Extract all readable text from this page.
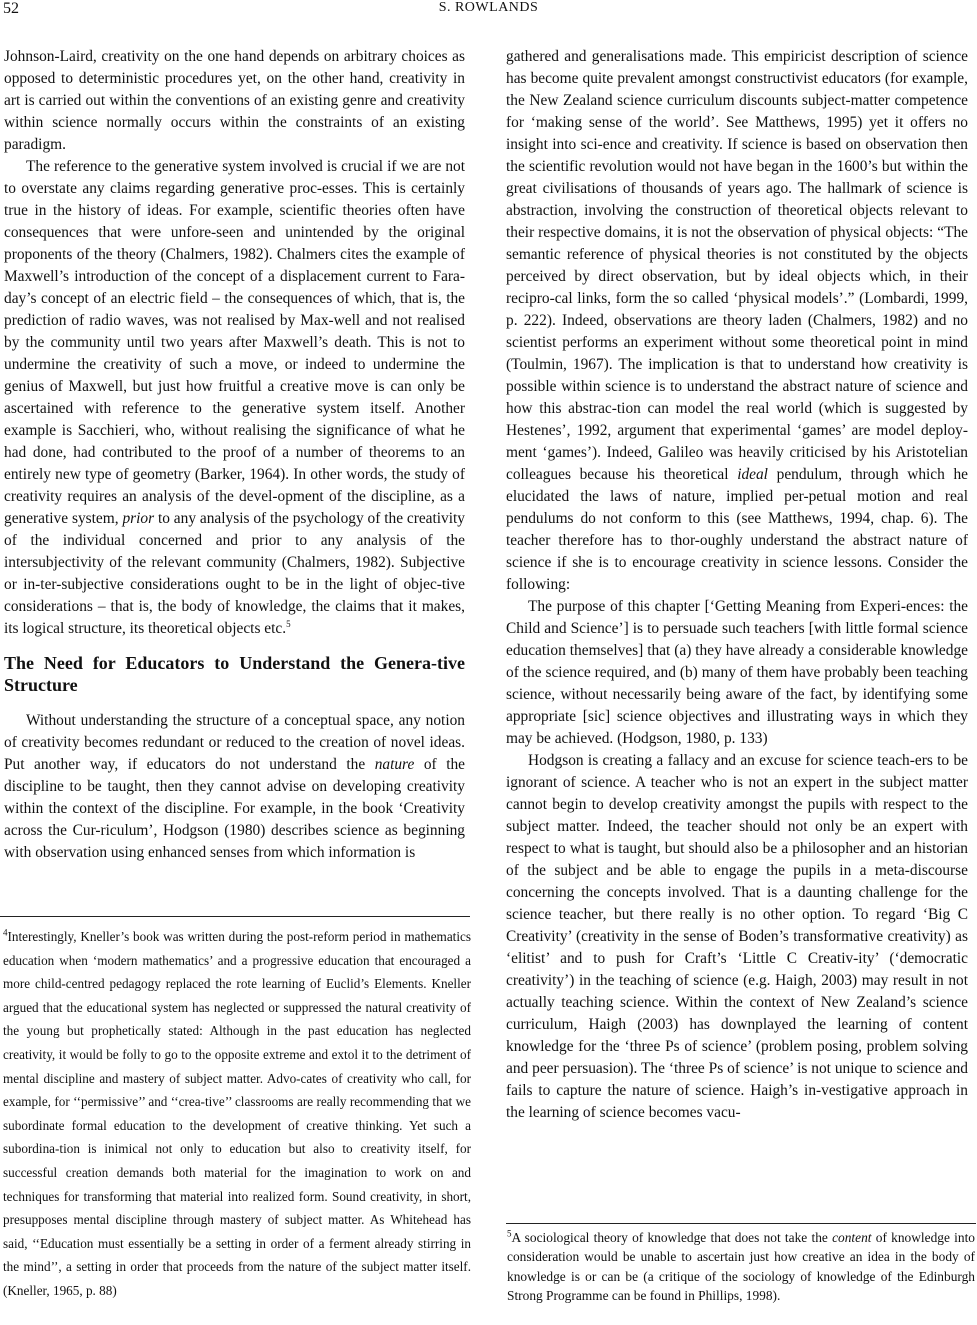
52	S. ROWLANDS

Johnson-Laird, creativity on the one hand depends on arbitrary choices as opposed to deterministic procedures yet, on the other hand, creativity in art is carried out within the conventions of an existing genre and creativity within science normally occurs within the constraints of an existing paradigm.

The reference to the generative system involved is crucial if we are not to overstate any claims regarding generative proc-esses. This is certainly true in the history of ideas. For example, scientific theories often have consequences that were unfore-seen and unintended by the original proponents of the theory (Chalmers, 1982). Chalmers cites the example of Maxwell’s introduction of the concept of a displacement current to Fara-day’s concept of an electric field – the consequences of which, that is, the prediction of radio waves, was not realised by Max-well and not realised by the community until two years after Maxwell’s death. This is not to undermine the creativity of such a move, or indeed to undermine the genius of Maxwell, but just how fruitful a creative move is can only be ascertained with reference to the generative system itself. Another example is Sacchieri, who, without realising the significance of what he had done, had contributed to the proof of a number of theorems to an entirely new type of geometry (Barker, 1964). In other words, the study of creativity requires an analysis of the devel-opment of the discipline, as a generative system, prior to any analysis of the psychology of the creativity of the individual concerned and prior to any analysis of the intersubjectivity of the relevant community (Chalmers, 1982). Subjective or in-ter-subjective considerations ought to be in the light of objec-tive considerations – that is, the body of knowledge, the claims that it makes, its logical structure, its theoretical objects etc.$^5$

The Need for Educators to Understand the Genera-tive Structure

Without understanding the structure of a conceptual space, any notion of creativity becomes redundant or reduced to the creation of novel ideas. Put another way, if educators do not understand the nature of the discipline to be taught, then they cannot advise on developing creativity within the context of the discipline. For example, in the book ‘Creativity across the Cur-riculum’, Hodgson (1980) describes science as beginning with observation using enhanced senses from which information is

gathered and generalisations made. This empiricist description of science has become quite prevalent amongst constructivist educators (for example, the New Zealand science curriculum discounts subject-matter competence for ‘making sense of the world’. See Matthews, 1995) yet it offers no insight into sci-ence and creativity. If science is based on observation then the scientific revolution would not have began in the 1600’s but within the great civilisations of thousands of years ago. The hallmark of science is abstraction, involving the construction of theoretical objects relevant to their respective domains, it is not the observation of physical objects: “The semantic reference of physical theories is not constituted by the objects perceived by direct observation, but by ideal objects which, in their recipro-cal links, form the so called ‘physical models’.” (Lombardi, 1999, p. 222). Indeed, observations are theory laden (Chalmers, 1982) and no scientist performs an experiment without some theoretical point in mind (Toulmin, 1967). The implication is that to understand how creativity is possible within science is to understand the abstract nature of science and how this abstrac-tion can model the real world (which is suggested by Hestenes’, 1992, argument that experimental ‘games’ are model deploy-ment ‘games’). Indeed, Galileo was heavily criticised by his Aristotelian colleagues because his theoretical ideal pendulum, through which he elucidated the laws of nature, implied per-petual motion and real pendulums do not conform to this (see Matthews, 1994, chap. 6). The teacher therefore has to thor-oughly understand the abstract nature of science if she is to encourage creativity in science lessons. Consider the following:

The purpose of this chapter [‘Getting Meaning from Experi-ences: the Child and Science’] is to persuade such teachers [with little formal science education themselves] that (a) they have already a considerable knowledge of the science required, and (b) many of them have probably been teaching science, without necessarily being aware of the fact, by identifying some appropriate [sic] science objectives and illustrating ways in which they may be achieved. (Hodgson, 1980, p. 133)

Hodgson is creating a fallacy and an excuse for science teach-ers to be ignorant of science. A teacher who is not an expert in the subject matter cannot begin to develop creativity amongst the pupils with respect to the subject matter. Indeed, the teacher should not only be an expert with respect to what is taught, but should also be a philosopher and an historian of the subject and be able to engage the pupils in a meta-discourse concerning the concepts involved. That is a daunting challenge for the science teacher, but there really is no other option. To regard ‘Big C Creativity’ (creativity in the sense of Boden’s transformative creativity) as ‘elitist’ and to push for Craft’s ‘Little C Creativ-ity’ (‘democratic creativity’) in the teaching of science (e.g. Haigh, 2003) may result in not actually teaching science. Within the context of New Zealand’s science curriculum, Haigh (2003) has downplayed the learning of content knowledge for the ‘three Ps of science’ (problem posing, problem solving and peer persuasion). The ‘three Ps of science’ is not unique to science and fails to capture the nature of science. Haigh’s in-vestigative approach in the learning of science becomes vacu-

$^4$Interestingly, Kneller’s book was written during the post-reform period in mathematics education when ‘modern mathematics’ and a progressive education that encouraged a more child-centred pedagogy replaced the rote learning of Euclid’s Elements. Kneller argued that the educational system has neglected or suppressed the natural creativity of the young but prophetically stated: Although in the past education has neglected creativity, it would be folly to go to the opposite extreme and extol it to the detriment of mental discipline and mastery of subject matter. Advo-cates of creativity who call, for example, for ‘‘permissive’’ and ‘‘crea-tive’’ classrooms are really recommending that we subordinate formal education to the development of creative thinking. Yet such a subordina-tion is inimical not only to education but also to creativity itself, for successful creation demands both material for the imagination to work on and techniques for transforming that material into realized form. Sound creativity, in short, presupposes mental discipline through mastery of subject matter. As Whitehead has said, ‘‘Education must essentially be a setting in order of a ferment already stirring in the mind’’, a setting in order that proceeds from the nature of the subject matter itself. (Kneller, 1965, p. 88)
$^5$A sociological theory of knowledge that does not take the content of knowledge into consideration would be unable to ascertain just how creative an idea in the body of knowledge is or can be (a critique of the sociology of knowledge of the Edinburgh Strong Programme can be found in Phillips, 1998).
